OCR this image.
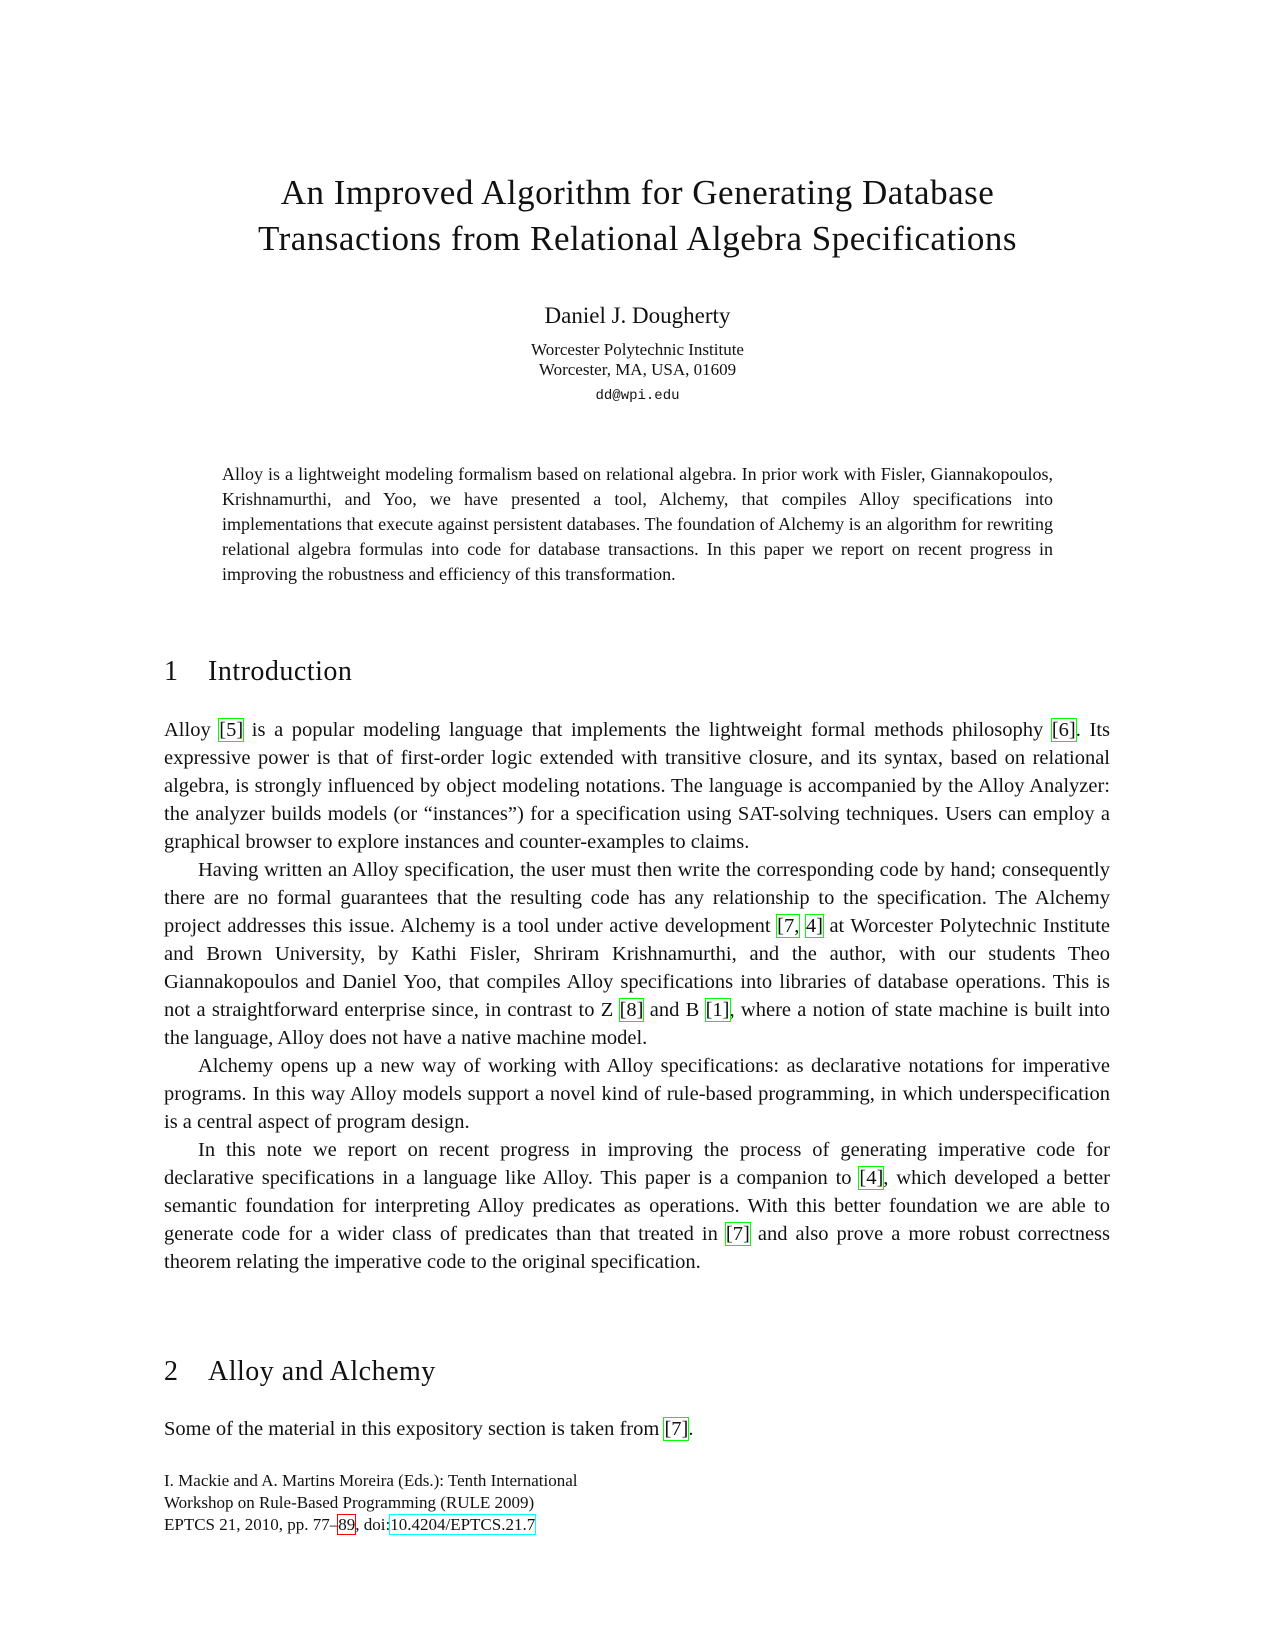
An Improved Algorithm for Generating Database
Transactions from Relational Algebra Specifications
Daniel J. Dougherty
Worcester Polytechnic Institute
Worcester, MA, USA, 01609
dd@wpi.edu

Alloy is a lightweight modeling formalism based on relational algebra. In prior work with Fisler, Giannakopoulos, Krishnamurthi, and Yoo, we have presented a tool, Alchemy, that compiles Alloy specifications into implementations that execute against persistent databases. The foundation of Alchemy is an algorithm for rewriting relational algebra formulas into code for database transactions. In this paper we report on recent progress in improving the robustness and efficiency of this transformation.

1 Introduction

Alloy [5] is a popular modeling language that implements the lightweight formal methods philosophy [6]. Its expressive power is that of first-order logic extended with transitive closure, and its syntax, based on relational algebra, is strongly influenced by object modeling notations. The language is accompanied by the Alloy Analyzer: the analyzer builds models (or “instances”) for a specification using SAT-solving techniques. Users can employ a graphical browser to explore instances and counter-examples to claims.

Having written an Alloy specification, the user must then write the corresponding code by hand; consequently there are no formal guarantees that the resulting code has any relationship to the specification. The Alchemy project addresses this issue. Alchemy is a tool under active development [7, 4] at Worcester Polytechnic Institute and Brown University, by Kathi Fisler, Shriram Krishnamurthi, and the author, with our students Theo Giannakopoulos and Daniel Yoo, that compiles Alloy specifications into libraries of database operations. This is not a straightforward enterprise since, in contrast to Z [8] and B [1], where a notion of state machine is built into the language, Alloy does not have a native machine model.

Alchemy opens up a new way of working with Alloy specifications: as declarative notations for imperative programs. In this way Alloy models support a novel kind of rule-based programming, in which underspecification is a central aspect of program design.

In this note we report on recent progress in improving the process of generating imperative code for declarative specifications in a language like Alloy. This paper is a companion to [4], which developed a better semantic foundation for interpreting Alloy predicates as operations. With this better foundation we are able to generate code for a wider class of predicates than that treated in [7] and also prove a more robust correctness theorem relating the imperative code to the original specification.

2 Alloy and Alchemy

Some of the material in this expository section is taken from [7].

I. Mackie and A. Martins Moreira (Eds.): Tenth International
Workshop on Rule-Based Programming (RULE 2009)
EPTCS 21, 2010, pp. 77–89, doi:10.4204/EPTCS.21.7
